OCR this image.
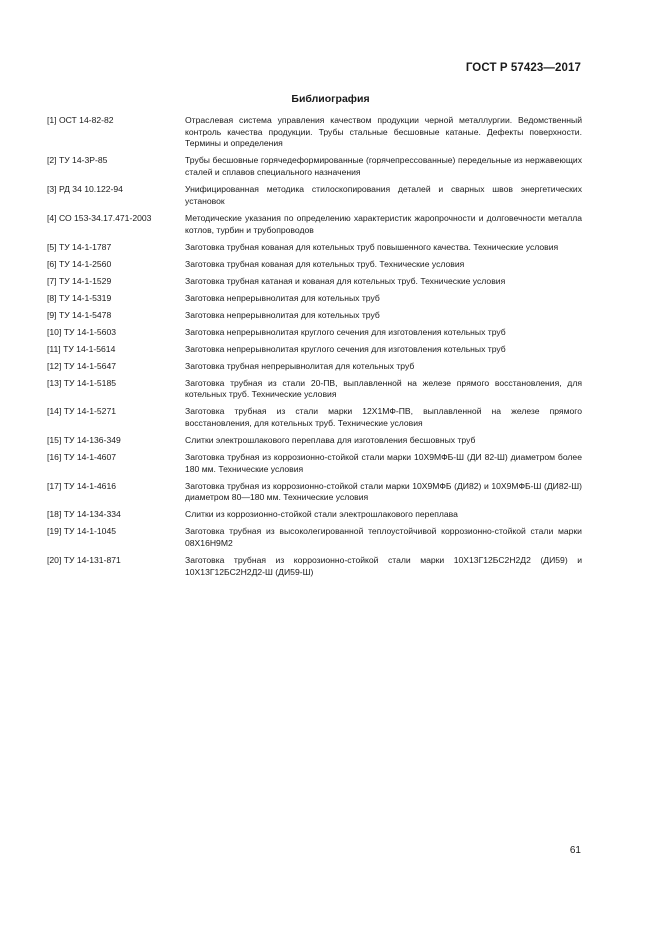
ГОСТ Р 57423—2017
Библиография
[1] ОСТ 14-82-82	Отраслевая система управления качеством продукции черной металлургии. Ведомственный контроль качества продукции. Трубы стальные бесшовные катаные. Дефекты поверхности. Термины и определения
[2] ТУ 14-3Р-85	Трубы бесшовные горячедеформированные (горячепрессованные) передельные из нержавеющих сталей и сплавов специального назначения
[3] РД 34 10.122-94	Унифицированная методика стилоскопирования деталей и сварных швов энергетических установок
[4] СО 153-34.17.471-2003	Методические указания по определению характеристик жаропрочности и долговечности металла котлов, турбин и трубопроводов
[5] ТУ 14-1-1787	Заготовка трубная кованая для котельных труб повышенного качества. Технические условия
[6] ТУ 14-1-2560	Заготовка трубная кованая для котельных труб. Технические условия
[7] ТУ 14-1-1529	Заготовка трубная катаная и кованая для котельных труб. Технические условия
[8] ТУ 14-1-5319	Заготовка непрерывнолитая для котельных труб
[9] ТУ 14-1-5478	Заготовка непрерывнолитая для котельных труб
[10] ТУ 14-1-5603	Заготовка непрерывнолитая круглого сечения для изготовления котельных труб
[11] ТУ 14-1-5614	Заготовка непрерывнолитая круглого сечения для изготовления котельных труб
[12] ТУ 14-1-5647	Заготовка трубная непрерывнолитая для котельных труб
[13] ТУ 14-1-5185	Заготовка трубная из стали 20-ПВ, выплавленной на железе прямого восстановления, для котельных труб. Технические условия
[14] ТУ 14-1-5271	Заготовка трубная из стали марки 12Х1МФ-ПВ, выплавленной на железе прямого восстановления, для котельных труб. Технические условия
[15] ТУ 14-136-349	Слитки электрошлакового переплава для изготовления бесшовных труб
[16] ТУ 14-1-4607	Заготовка трубная из коррозионно-стойкой стали марки 10Х9МФБ-Ш (ДИ 82-Ш) диаметром более 180 мм. Технические условия
[17] ТУ 14-1-4616	Заготовка трубная из коррозионно-стойкой стали марки 10Х9МФБ (ДИ82) и 10Х9МФБ-Ш (ДИ82-Ш) диаметром 80—180 мм. Технические условия
[18] ТУ 14-134-334	Слитки из коррозионно-стойкой стали электрошлакового переплава
[19] ТУ 14-1-1045	Заготовка трубная из высоколегированной теплоустойчивой коррозионно-стойкой стали марки 08Х16Н9М2
[20] ТУ 14-131-871	Заготовка трубная из коррозионно-стойкой стали марки 10Х13Г12БС2Н2Д2 (ДИ59) и 10Х13Г12БС2Н2Д2-Ш (ДИ59-Ш)
61
